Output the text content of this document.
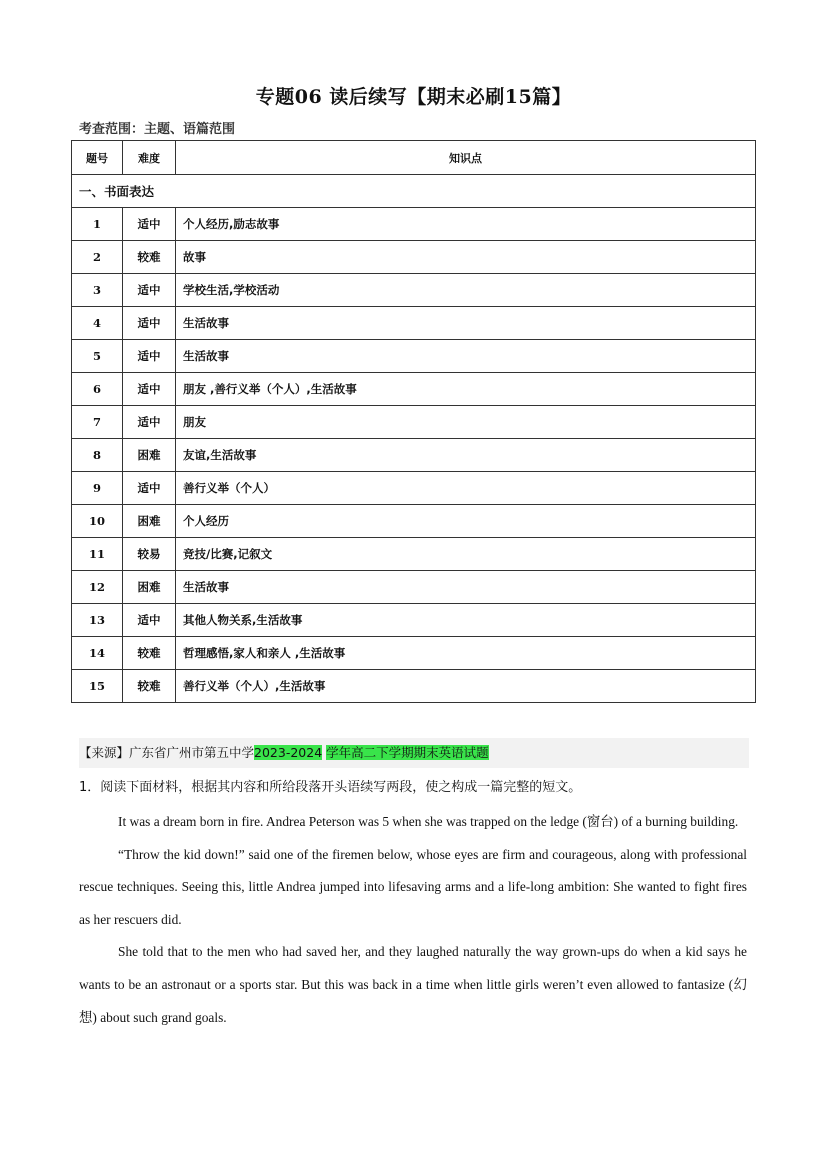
专题06 读后续写【期末必刷15篇】
考查范围：主题、语篇范围
题号	难度	知识点
一、书面表达		
1	适中	个人经历,励志故事
2	较难	故事
3	适中	学校生活,学校活动
4	适中	生活故事
5	适中	生活故事
6	适中	朋友 ,善行义举（个人）,生活故事
7	适中	朋友
8	困难	友谊,生活故事
9	适中	善行义举（个人）
10	困难	个人经历
11	较易	竞技/比赛,记叙文
12	困难	生活故事
13	适中	其他人物关系,生活故事
14	较难	哲理感悟,家人和亲人 ,生活故事
15	较难	善行义举（个人）,生活故事
【来源】广东省广州市第五中学2023-2024 学年高二下学期期末英语试题
1．阅读下面材料，根据其内容和所给段落开头语续写两段，使之构成一篇完整的短文。

It was a dream born in fire. Andrea Peterson was 5 when she was trapped on the ledge (窗台) of a burning building.

“Throw the kid down!” said one of the firemen below, whose eyes are firm and courageous, along with professional rescue techniques. Seeing this, little Andrea jumped into lifesaving arms and a life-long ambition: She wanted to fight fires as her rescuers did.

She told that to the men who had saved her, and they laughed naturally the way grown-ups do when a kid says he wants to be an astronaut or a sports star. But this was back in a time when little girls weren’t even allowed to fantasize (幻想) about such grand goals.
